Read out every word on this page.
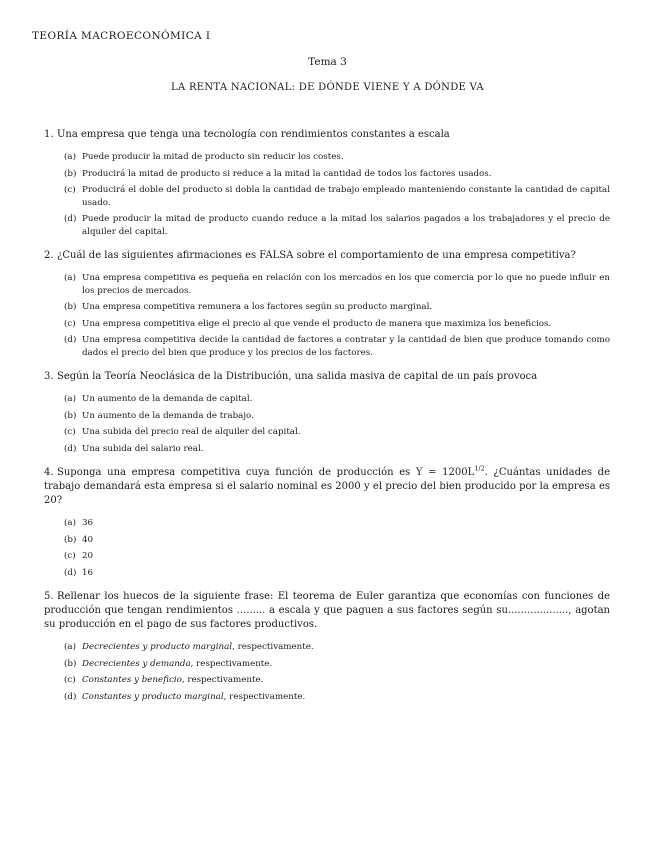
TEORÍA MACROECONÓMICA I
Tema 3
LA RENTA NACIONAL: DE DÓNDE VIENE Y A DÓNDE VA
1. Una empresa que tenga una tecnología con rendimientos constantes a escala
(a) Puede producir la mitad de producto sin reducir los costes.
(b) Producirá la mitad de producto si reduce a la mitad la cantidad de todos los factores usados.
(c) Producirá el doble del producto si dobla la cantidad de trabajo empleado manteniendo constante la cantidad de capital usado.
(d) Puede producir la mitad de producto cuando reduce a la mitad los salarios pagados a los trabajadores y el precio de alquiler del capital.
2. ¿Cuál de las siguientes afirmaciones es FALSA sobre el comportamiento de una empresa competitiva?
(a) Una empresa competitiva es pequeña en relación con los mercados en los que comercia por lo que no puede influir en los precios de mercados.
(b) Una empresa competitiva remunera a los factores según su producto marginal.
(c) Una empresa competitiva elige el precio al que vende el producto de manera que maximiza los beneficios.
(d) Una empresa competitiva decide la cantidad de factores a contratar y la cantidad de bien que produce tomando como dados el precio del bien que produce y los precios de los factores.
3. Según la Teoría Neoclásica de la Distribución, una salida masiva de capital de un país provoca
(a) Un aumento de la demanda de capital.
(b) Un aumento de la demanda de trabajo.
(c) Una subida del precio real de alquiler del capital.
(d) Una subida del salario real.
4. Suponga una empresa competitiva cuya función de producción es $Y = 1200L^{1/2}$. ¿Cuántas unidades de trabajo demandará esta empresa si el salario nominal es 2000 y el precio del bien producido por la empresa es 20?
(a) 36
(b) 40
(c) 20
(d) 16
5. Rellenar los huecos de la siguiente frase: El teorema de Euler garantiza que economías con funciones de producción que tengan rendimientos ......... a escala y que paguen a sus factores según su..................., agotan su producción en el pago de sus factores productivos.
(a) Decrecientes y producto marginal, respectivamente.
(b) Decrecientes y demanda, respectivamente.
(c) Constantes y beneficio, respectivamente.
(d) Constantes y producto marginal, respectivamente.
